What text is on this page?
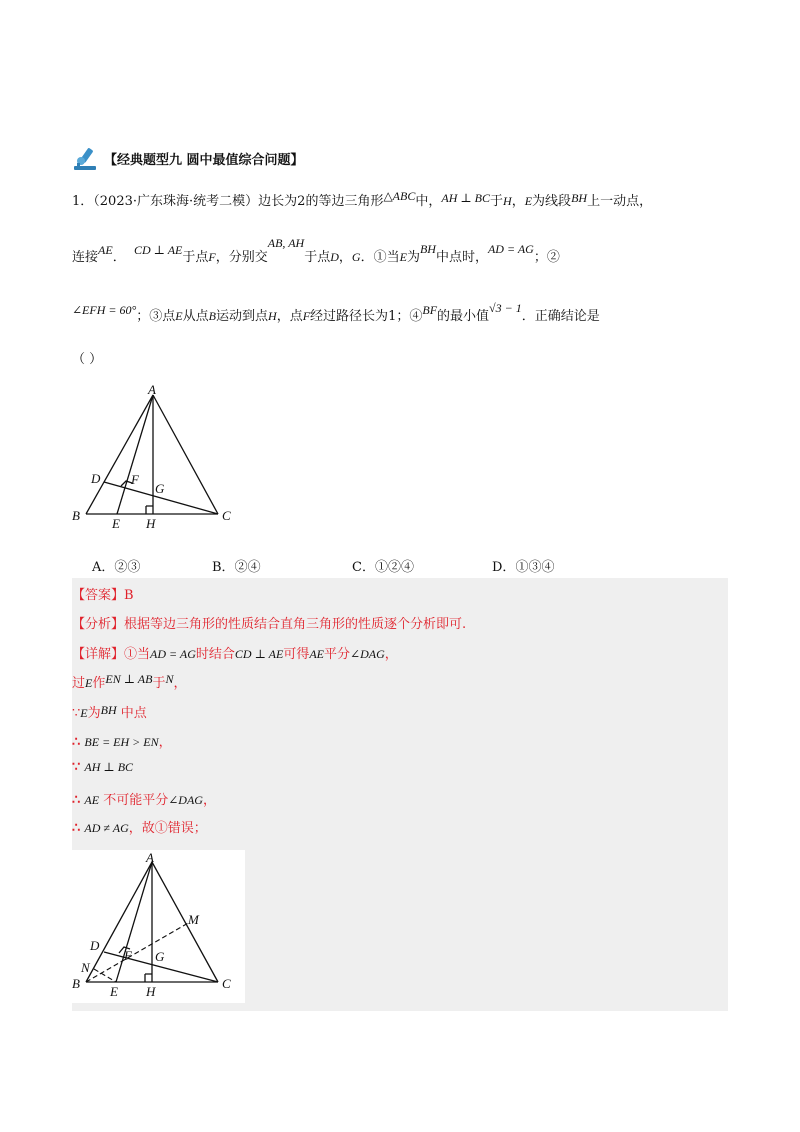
【经典题型九 圆中最值综合问题】
1．（2023·广东珠海·统考二模）边长为2的等边三角形△ABC中，AH ⊥ BC于H，E为线段BH上一动点，
连接AE． CD ⊥ AE于点F，分别交AB, AH于点D，G．①当E为BH中点时，AD = AG；②
∠EFH = 60°；③点E从点B运动到点H，点F经过路径长为1；④BF的最小值√3 − 1．正确结论是
（ ）
A
B	C
D
E
F
G
H
A．②③	B．②④	C．①②④	D．①③④
【答案】B
【分析】根据等边三角形的性质结合直角三角形的性质逐个分析即可.
【详解】①当AD = AG时结合CD ⊥ AE可得AE平分∠DAG，
过E作EN ⊥ AB于N，
∵E为BH 中点
∴ BE = EH > EN，
∵ AH ⊥ BC
∴ AE 不可能平分∠DAG，
∴ AD ≠ AG，故①错误；
A
B	C
D
E
F G
H
M
N
